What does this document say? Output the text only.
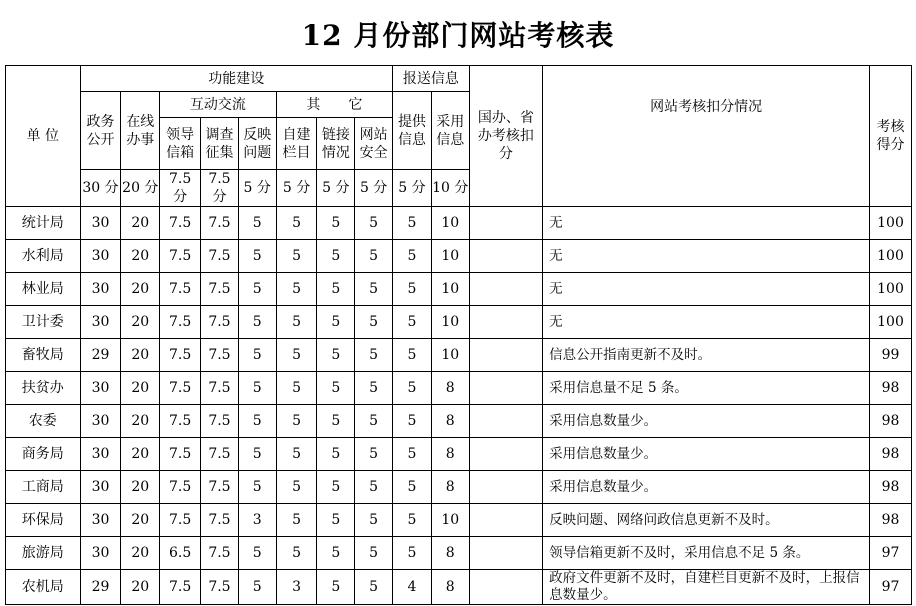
12 月份部门网站考核表
单 位	功能建设								报送信息		国办、省办考核扣分	网站考核扣分情况	考核得分
	政务公开	在线办事	互动交流			其　　它			提供信息	采用信息			
			领导信箱	调查征集	反映问题	自建栏目	链接情况	网站安全					
	30 分	20 分	7.5 分	7.5 分	5 分	5 分	5 分	5 分	5 分	10 分			
统计局	30	20	7.5	7.5	5	5	5	5	5	10		无	100
水利局	30	20	7.5	7.5	5	5	5	5	5	10		无	100
林业局	30	20	7.5	7.5	5	5	5	5	5	10		无	100
卫计委	30	20	7.5	7.5	5	5	5	5	5	10		无	100
畜牧局	29	20	7.5	7.5	5	5	5	5	5	10		信息公开指南更新不及时。	99
扶贫办	30	20	7.5	7.5	5	5	5	5	5	8		采用信息量不足 5 条。	98
农委	30	20	7.5	7.5	5	5	5	5	5	8		采用信息数量少。	98
商务局	30	20	7.5	7.5	5	5	5	5	5	8		采用信息数量少。	98
工商局	30	20	7.5	7.5	5	5	5	5	5	8		采用信息数量少。	98
环保局	30	20	7.5	7.5	3	5	5	5	5	10		反映问题、网络问政信息更新不及时。	98
旅游局	30	20	6.5	7.5	5	5	5	5	5	8		领导信箱更新不及时，采用信息不足 5 条。	97
农机局	29	20	7.5	7.5	5	3	5	5	4	8		政府文件更新不及时，自建栏目更新不及时，上报信息数量少。	97
